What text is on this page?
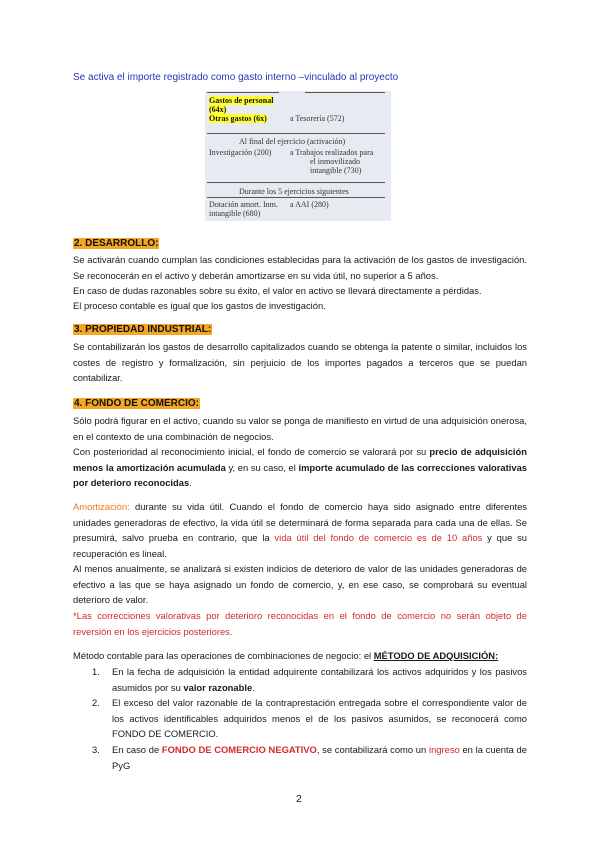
Se activa el importe registrado como gasto interno –vinculado al proyecto
Gastos de personal
(64x)
Otras gastos (6x)	a Tesorería (572)
Al final del ejercicio (activación)
Investigación (200) a Trabajos realizados para
el inmovilizado
intangible (730)
Durante los 5 ejercicios siguientes
Dotación amort. Inm. a AAI (280)
intangible (680)
2. DESARROLLO:
Se activarán cuando cumplan las condiciones establecidas para la activación de los gastos de investigación. Se reconocerán en el activo y deberán amortizarse en su vida útil, no superior a 5 años.
En caso de dudas razonables sobre su éxito, el valor en activo se llevará directamente a pérdidas.
El proceso contable es igual que los gastos de investigación.
3. PROPIEDAD INDUSTRIAL:
Se contabilizarán los gastos de desarrollo capitalizados cuando se obtenga la patente o similar, incluidos los costes de registro y formalización, sin perjuicio de los importes pagados a terceros que se puedan contabilizar.
4. FONDO DE COMERCIO:
Sólo podrá figurar en el activo, cuando su valor se ponga de manifiesto en virtud de una adquisición onerosa, en el contexto de una combinación de negocios.
Con posterioridad al reconocimiento inicial, el fondo de comercio se valorará por su precio de adquisición menos la amortización acumulada y, en su caso, el importe acumulado de las correcciones valorativas por deterioro reconocidas.
Amortización: durante su vida útil. Cuando el fondo de comercio haya sido asignado entre diferentes unidades generadoras de efectivo, la vida útil se determinará de forma separada para cada una de ellas. Se presumirá, salvo prueba en contrario, que la vida útil del fondo de comercio es de 10 años y que su recuperación es lineal.
Al menos anualmente, se analizará si existen indicios de deterioro de valor de las unidades generadoras de efectivo a las que se haya asignado un fondo de comercio, y, en ese caso, se comprobará su eventual deterioro de valor.
*Las correcciones valorativas por deterioro reconocidas en el fondo de comercio no serán objeto de reversión en los ejercicios posteriores.
Método contable para las operaciones de combinaciones de negocio: el MÉTODO DE ADQUISICIÓN:
1. En la fecha de adquisición la entidad adquirente contabilizará los activos adquiridos y los pasivos asumidos por su valor razonable.
2. El exceso del valor razonable de la contraprestación entregada sobre el correspondiente valor de los activos identificables adquiridos menos el de los pasivos asumidos, se reconocerá como FONDO DE COMERCIO.
3. En caso de FONDO DE COMERCIO NEGATIVO, se contabilizará como un ingreso en la cuenta de PyG
2
